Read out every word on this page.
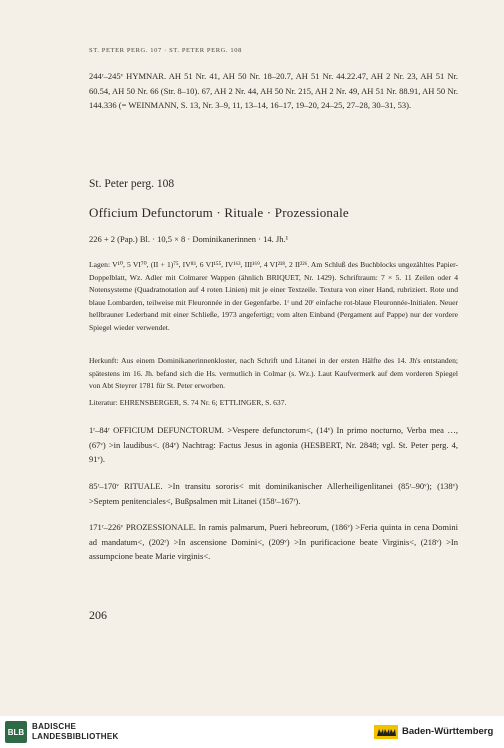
ST. PETER PERG. 107 · ST. PETER PERG. 108

244ʳ–245ᵛ HYMNAR. AH 51 Nr. 41, AH 50 Nr. 18–20.7, AH 51 Nr. 44.22.47, AH 2 Nr. 23, AH 51 Nr. 60.54, AH 50 Nr. 66 (Str. 8–10). 67, AH 2 Nr. 44, AH 50 Nr. 215, AH 2 Nr. 49, AH 51 Nr. 88.91, AH 50 Nr. 144.336 (= WEINMANN, S. 13, Nr. 3–9, 11, 13–14, 16–17, 19–20, 24–25, 27–28, 30–31, 53).

St. Peter perg. 108

Officium Defunctorum · Rituale · Prozessionale

226 + 2 (Pap.) Bl. · 10,5 × 8 · Dominikanerinnen · 14. Jh.¹

Lagen: V¹⁰, 5 VI⁷⁰, (II + 1)⁷⁵, IV⁸³, 6 VI¹⁵⁵, IV¹⁶³, III¹⁶⁹, 4 VI²¹⁸, 2 II²²⁶. Am Schluß des Buchblocks ungezähltes Papier-Doppelblatt, Wz. Adler mit Colmarer Wappen (ähnlich BRIQUET, Nr. 1429). Schriftraum: 7 × 5. 11 Zeilen oder 4 Notensysteme (Quadratnotation auf 4 roten Linien) mit je einer Textzeile. Textura von einer Hand, rubriziert. Rote und blaue Lombarden, teilweise mit Fleuronnée in der Gegenfarbe. 1ʳ und 20ʳ einfache rot-blaue Fleuronnée-Initialen. Neuer hellbrauner Lederband mit einer Schließe, 1973 angefertigt; vom alten Einband (Pergament auf Pappe) nur der vordere Spiegel wieder verwendet.

Herkunft: Aus einem Dominikanerinnenkloster, nach Schrift und Litanei in der ersten Hälfte des 14. Jh's entstanden; spätestens im 16. Jh. befand sich die Hs. vermutlich in Colmar (s. Wz.). Laut Kaufvermerk auf dem vorderen Spiegel von Abt Steyrer 1781 für St. Peter erworben.

Literatur: EHRENSBERGER, S. 74 Nr. 6; ETTLINGER, S. 637.

1ʳ–84ʳ OFFICIUM DEFUNCTORUM. >Vespere defunctorum<, (14ᵛ) In primo nocturno, Verba mea …, (67ᵛ) >in laudibus<. (84ᵛ) Nachtrag: Factus Jesus in agonia (HESBERT, Nr. 2848; vgl. St. Peter perg. 4, 91ᵛ).

85ʳ–170ᵛ RITUALE. >In transitu sororis< mit dominikanischer Allerheiligenlitanei (85ʳ–90ᵛ); (138ᵛ) >Septem penitenciales<, Bußpsalmen mit Litanei (158ʳ–167ʳ).

171ʳ–226ᵛ PROZESSIONALE. In ramis palmarum, Pueri hebreorum, (186ᵛ) >Feria quinta in cena Domini ad mandatum<, (202ʳ) >In ascensione Domini<, (209ᵛ) >In purificacione beate Virginis<, (218ᵛ) >In assumpcione beate Marie virginis<.

206

BLB
BADISCHE
LANDESBIBLIOTHEK	Baden-Württemberg
